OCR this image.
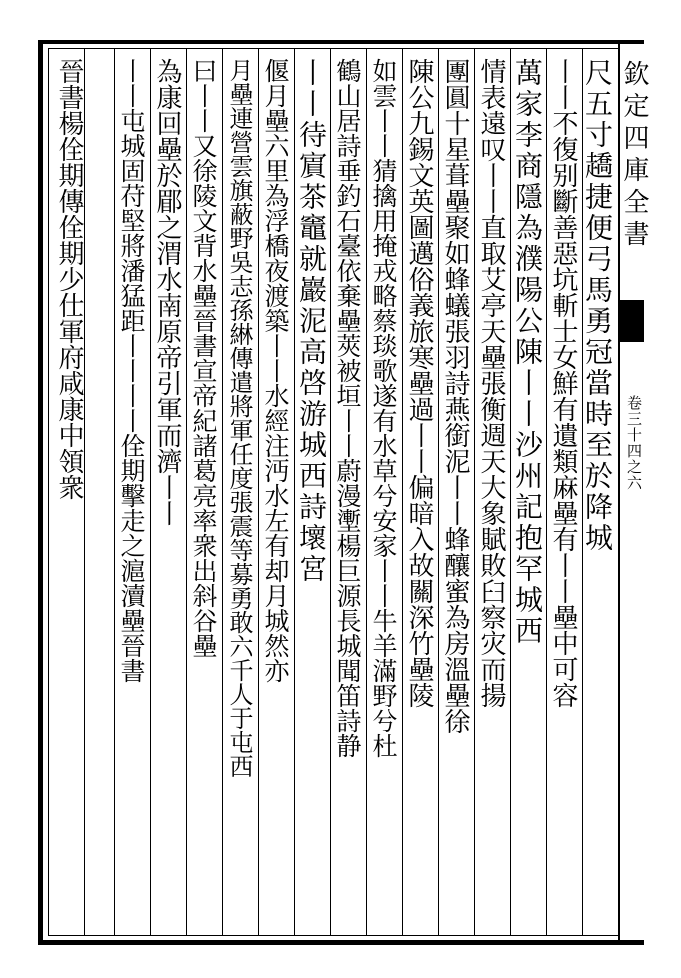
欽定四庫全書
卷三十四之六
尺五寸趫捷便弓馬勇冠當時至於降城
丨丨不復别斷善惡坑斬士女鮮有遺類麻壘有丨丨壘中可容
萬家李商隱為濮陽公陳丨丨沙州記抱罕城西
情表遠叹丨丨直取艾亭天壘張衡週天大象賦敗臼察灾而揚
團圓十星葺壘聚如蜂蟻張羽詩燕銜泥丨丨蜂釀蜜為房溫壘徐
陳公九錫文英圖邁俗義旅寒壘過丨丨偏暗入故關深竹壘陵
如雲丨丨猜擒用掩戎略蔡琰歌遂有水草兮安家丨丨牛羊滿野兮杜
鶴山居詩垂釣石臺依棄壘莢被垣丨丨蔚漫壍楊巨源長城聞笛詩静
丨丨待賔茶竈就巖泥高啓游城西詩壞宮
偃月壘六里為浮橋夜渡築丨丨水經注沔水左有却月城然亦
月壘連營雲旗蔽野吳志孫綝傳遣將軍任度張震等募勇敢六千人于屯西
曰丨丨又徐陵文背水壘晉書宣帝紀諸葛亮率衆出斜谷壘
為康回壘於郿之渭水南原帝引軍而濟丨丨
丨丨屯城固苻堅將潘猛距丨丨丨丨佺期擊走之滬瀆壘晉書
晉書楊佺期傳佺期少仕軍府咸康中領衆
